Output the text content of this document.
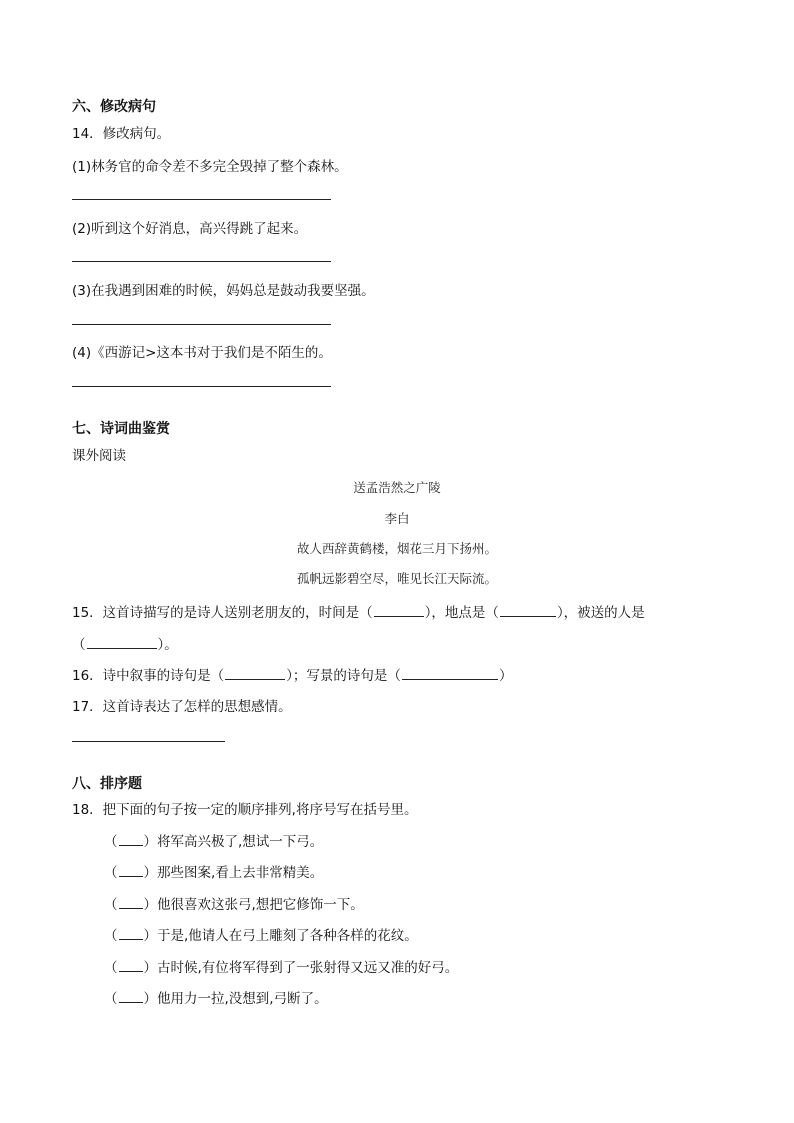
六、修改病句
14．修改病句。
(1)林务官的命令差不多完全毁掉了整个森林。
(2)听到这个好消息，高兴得跳了起来。
(3)在我遇到困难的时候，妈妈总是鼓动我要坚强。
(4)《西游记>这本书对于我们是不陌生的。
七、诗词曲鉴赏
课外阅读
送孟浩然之广陵
李白
故人西辞黄鹤楼，烟花三月下扬州。
孤帆远影碧空尽，唯见长江天际流。
15．这首诗描写的是诗人送别老朋友的，时间是（	），地点是（	），被送的人是
（	）。
16．诗中叙事的诗句是（	）；写景的诗句是（	）
17．这首诗表达了怎样的思想感情。
八、排序题
18．把下面的句子按一定的顺序排列,将序号写在括号里。
（ ）将军高兴极了,想试一下弓。
（ ）那些图案,看上去非常精美。
（ ）他很喜欢这张弓,想把它修饰一下。
（ ）于是,他请人在弓上雕刻了各种各样的花纹。
（ ）古时候,有位将军得到了一张射得又远又准的好弓。
（ ）他用力一拉,没想到,弓断了。
